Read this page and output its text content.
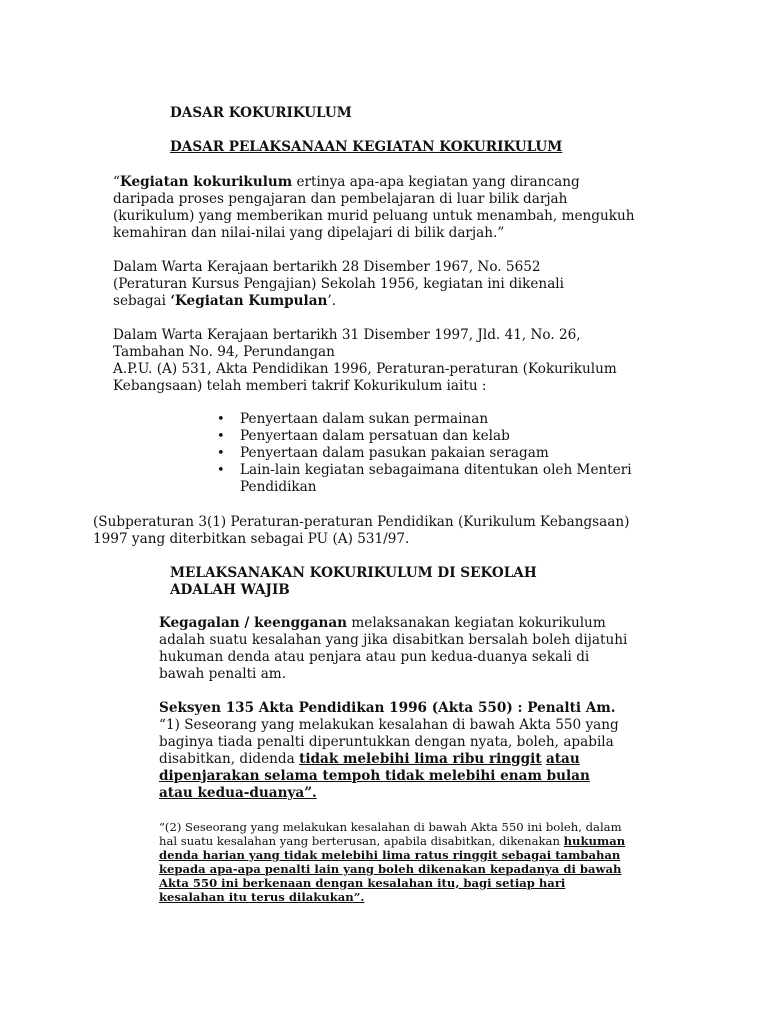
DASAR KOKURIKULUM
DASAR PELAKSANAAN KEGIATAN KOKURIKULUM

“Kegiatan kokurikulum ertinya apa-apa kegiatan yang dirancang daripada proses pengajaran dan pembelajaran di luar bilik darjah (kurikulum) yang memberikan murid peluang untuk menambah, mengukuh kemahiran dan nilai-nilai yang dipelajari di bilik darjah.”

Dalam Warta Kerajaan bertarikh 28 Disember 1967, No. 5652 (Peraturan Kursus Pengajian) Sekolah 1956, kegiatan ini dikenali sebagai ‘Kegiatan Kumpulan’.

Dalam Warta Kerajaan bertarikh 31 Disember 1997, Jld. 41, No. 26, Tambahan No. 94, Perundangan
A.P.U. (A) 531, Akta Pendidikan 1996, Peraturan-peraturan (Kokurikulum Kebangsaan) telah memberi takrif Kokurikulum iaitu :

• Penyertaan dalam sukan permainan
• Penyertaan dalam persatuan dan kelab
• Penyertaan dalam pasukan pakaian seragam
• Lain-lain kegiatan sebagaimana ditentukan oleh Menteri Pendidikan

(Subperaturan 3(1) Peraturan-peraturan Pendidikan (Kurikulum Kebangsaan) 1997 yang diterbitkan sebagai PU (A) 531/97.

MELAKSANAKAN KOKURIKULUM DI SEKOLAH ADALAH WAJIB

Kegagalan / keengganan melaksanakan kegiatan kokurikulum adalah suatu kesalahan yang jika disabitkan bersalah boleh dijatuhi hukuman denda atau penjara atau pun kedua-duanya sekali di bawah penalti am.

Seksyen 135 Akta Pendidikan 1996 (Akta 550) : Penalti Am.
“1) Seseorang yang melakukan kesalahan di bawah Akta 550 yang baginya tiada penalti diperuntukkan dengan nyata, boleh, apabila disabitkan, didenda tidak melebihi lima ribu ringgit atau dipenjarakan selama tempoh tidak melebihi enam bulan atau kedua-duanya”.

“(2) Seseorang yang melakukan kesalahan di bawah Akta 550 ini boleh, dalam hal suatu kesalahan yang berterusan, apabila disabitkan, dikenakan hukuman denda harian yang tidak melebihi lima ratus ringgit sebagai tambahan kepada apa-apa penalti lain yang boleh dikenakan kepadanya di bawah Akta 550 ini berkenaan dengan kesalahan itu, bagi setiap hari kesalahan itu terus dilakukan”.
